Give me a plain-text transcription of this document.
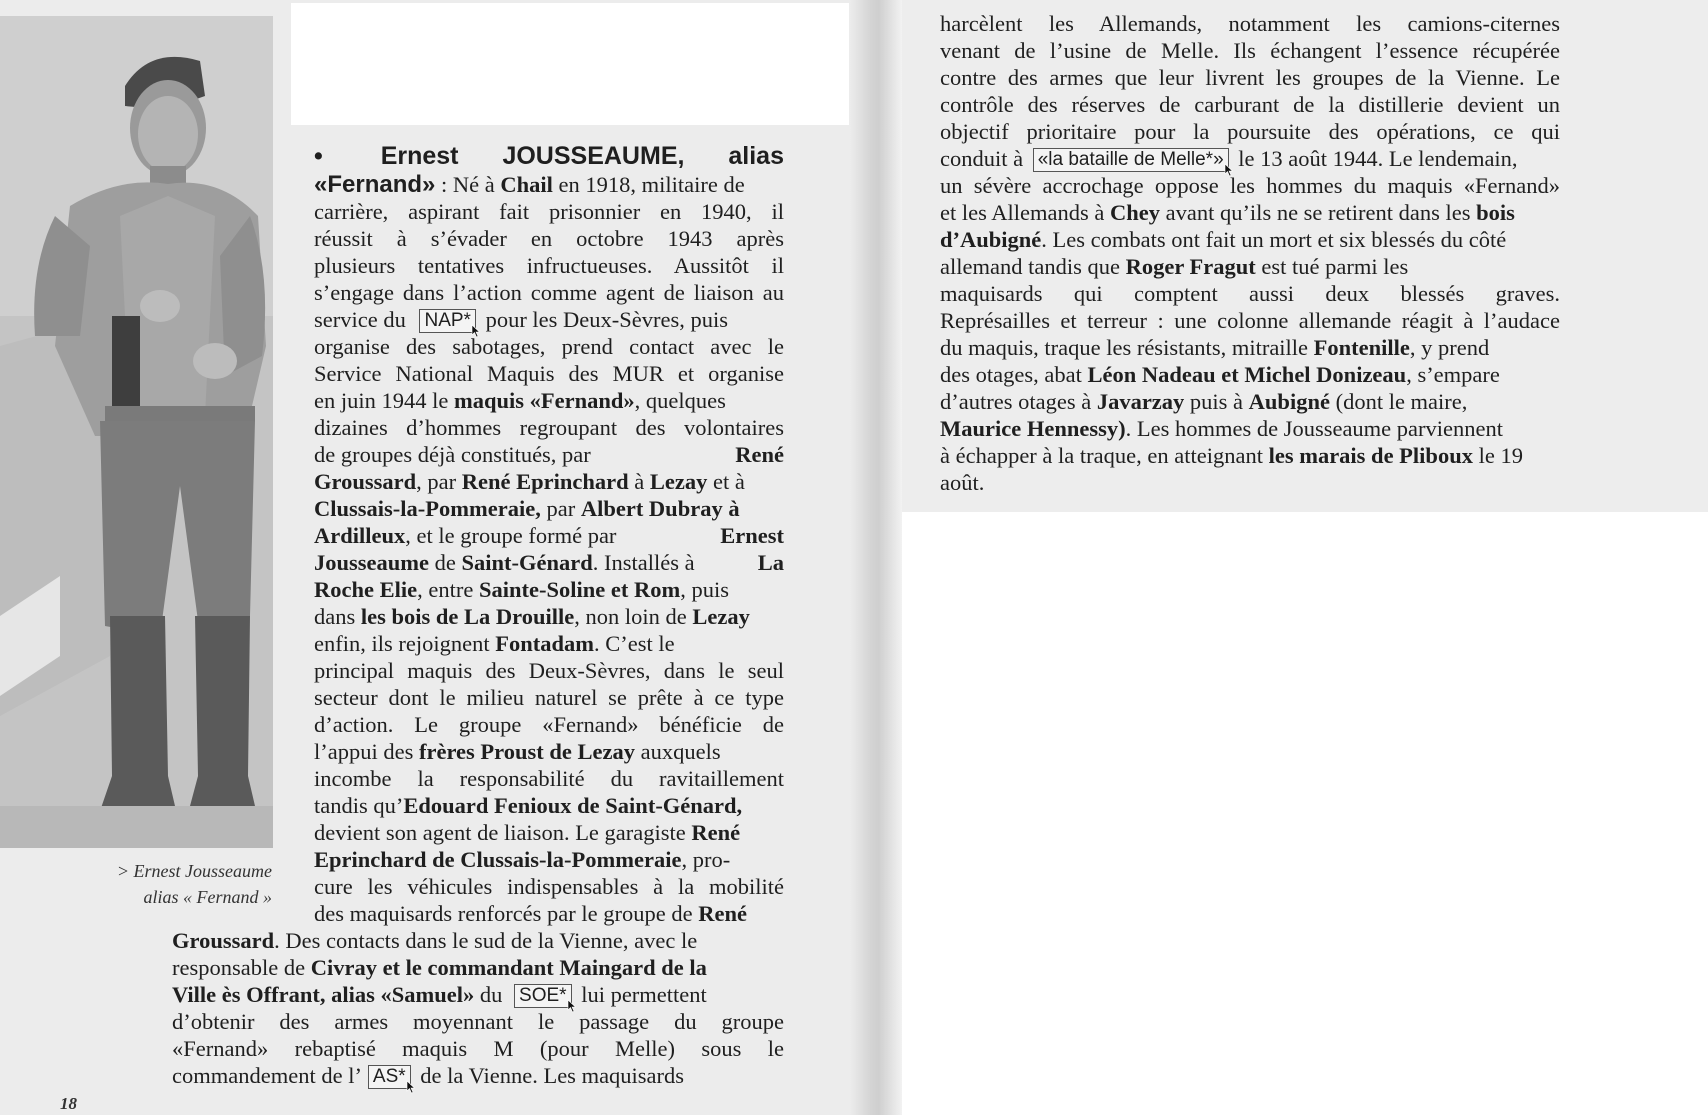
> Ernest Jousseaume
alias « Fernand »
• Ernest JOUSSEAUME, alias
«Fernand» : Né à Chail en 1918, militaire de
carrière, aspirant fait prisonnier en 1940, il
réussit à s’évader en octobre 1943 après
plusieurs tentatives infructueuses. Aussitôt il
s’engage dans l’action comme agent de liaison au
service du NAP* pour les Deux-Sèvres, puis
organise des sabotages, prend contact avec le
Service National Maquis des MUR et organise
en juin 1944 le maquis «Fernand», quelques
dizaines d’hommes regroupant des volontaires
de groupes déjà constitués, par	René
Groussard, par René Eprinchard à Lezay et à
Clussais-la-Pommeraie, par Albert Dubray à
Ardilleux, et le groupe formé par	Ernest
Jousseaume de Saint-Génard. Installés à	La
Roche Elie, entre Sainte-Soline et Rom, puis
dans les bois de La Drouille, non loin de Lezay
enfin, ils rejoignent Fontadam. C’est le
principal maquis des Deux-Sèvres, dans le seul
secteur dont le milieu naturel se prête à ce type
d’action. Le groupe «Fernand» bénéficie de
l’appui des frères Proust de Lezay auxquels
incombe la responsabilité du ravitaillement
tandis qu’Edouard Fenioux de Saint-Génard,
devient son agent de liaison. Le garagiste René
Eprinchard de Clussais-la-Pommeraie, pro-
cure les véhicules indispensables à la mobilité
des maquisards renforcés par le groupe de René
Groussard. Des contacts dans le sud de la Vienne, avec le
responsable de Civray et le commandant Maingard de la
Ville ès Offrant, alias «Samuel» du SOE* lui permettent
d’obtenir des armes moyennant le passage du groupe
«Fernand» rebaptisé maquis M (pour Melle) sous le
commandement de l’ AS* de la Vienne. Les maquisards
18
harcèlent les Allemands, notamment les camions-citernes
venant de l’usine de Melle. Ils échangent l’essence récupérée
contre des armes que leur livrent les groupes de la Vienne. Le
contrôle des réserves de carburant de la distillerie devient un
objectif prioritaire pour la poursuite des opérations, ce qui
conduit à «la bataille de Melle*» le 13 août 1944. Le lendemain,
un sévère accrochage oppose les hommes du maquis «Fernand»
et les Allemands à Chey avant qu’ils ne se retirent dans les bois
d’Aubigné. Les combats ont fait un mort et six blessés du côté
allemand tandis que Roger Fragut est tué parmi les
maquisards qui comptent aussi deux blessés graves.
Représailles et terreur : une colonne allemande réagit à l’audace
du maquis, traque les résistants, mitraille Fontenille, y prend
des otages, abat Léon Nadeau et Michel Donizeau, s’empare
d’autres otages à Javarzay puis à Aubigné (dont le maire,
Maurice Hennessy). Les hommes de Jousseaume parviennent
à échapper à la traque, en atteignant les marais de Pliboux le 19
août.
